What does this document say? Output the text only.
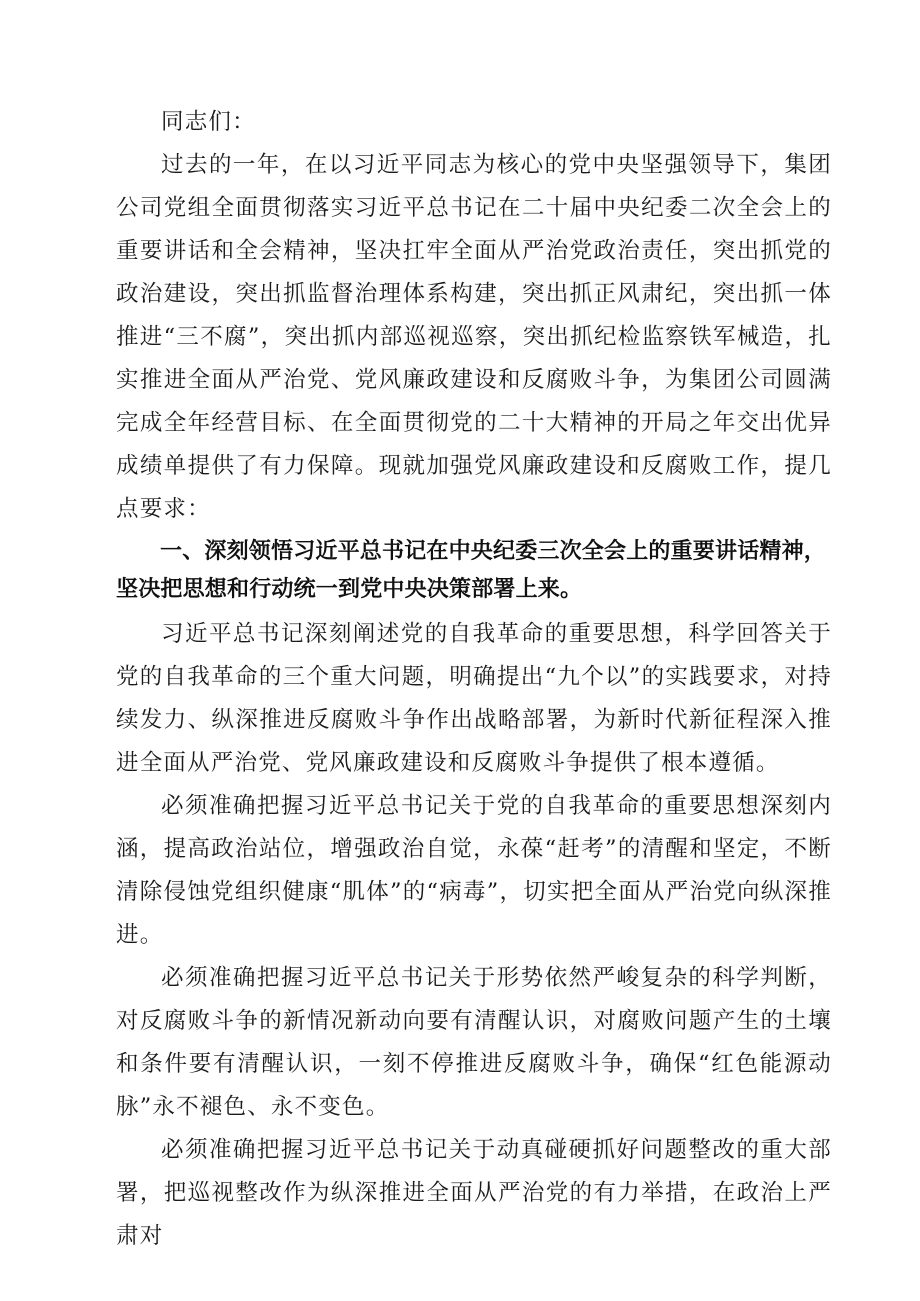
同志们：

过去的一年，在以习近平同志为核心的党中央坚强领导下，集团公司党组全面贯彻落实习近平总书记在二十届中央纪委二次全会上的重要讲话和全会精神，坚决扛牢全面从严治党政治责任，突出抓党的政治建设，突出抓监督治理体系构建，突出抓正风肃纪，突出抓一体推进“三不腐”，突出抓内部巡视巡察，突出抓纪检监察铁军械造，扎实推进全面从严治党、党风廉政建设和反腐败斗争，为集团公司圆满完成全年经营目标、在全面贯彻党的二十大精神的开局之年交出优异成绩单提供了有力保障。现就加强党风廉政建设和反腐败工作，提几点要求：

一、深刻领悟习近平总书记在中央纪委三次全会上的重要讲话精神，坚决把思想和行动统一到党中央决策部署上来。

习近平总书记深刻阐述党的自我革命的重要思想，科学回答关于党的自我革命的三个重大问题，明确提出“九个以”的实践要求，对持续发力、纵深推进反腐败斗争作出战略部署，为新时代新征程深入推进全面从严治党、党风廉政建设和反腐败斗争提供了根本遵循。

必须准确把握习近平总书记关于党的自我革命的重要思想深刻内涵，提高政治站位，增强政治自觉，永葆“赶考”的清醒和坚定，不断清除侵蚀党组织健康“肌体”的“病毒”，切实把全面从严治党向纵深推进。

必须准确把握习近平总书记关于形势依然严峻复杂的科学判断，对反腐败斗争的新情况新动向要有清醒认识，对腐败问题产生的土壤和条件要有清醒认识，一刻不停推进反腐败斗争，确保“红色能源动脉”永不褪色、永不变色。

必须准确把握习近平总书记关于动真碰硬抓好问题整改的重大部署，把巡视整改作为纵深推进全面从严治党的有力举措，在政治上严肃对
